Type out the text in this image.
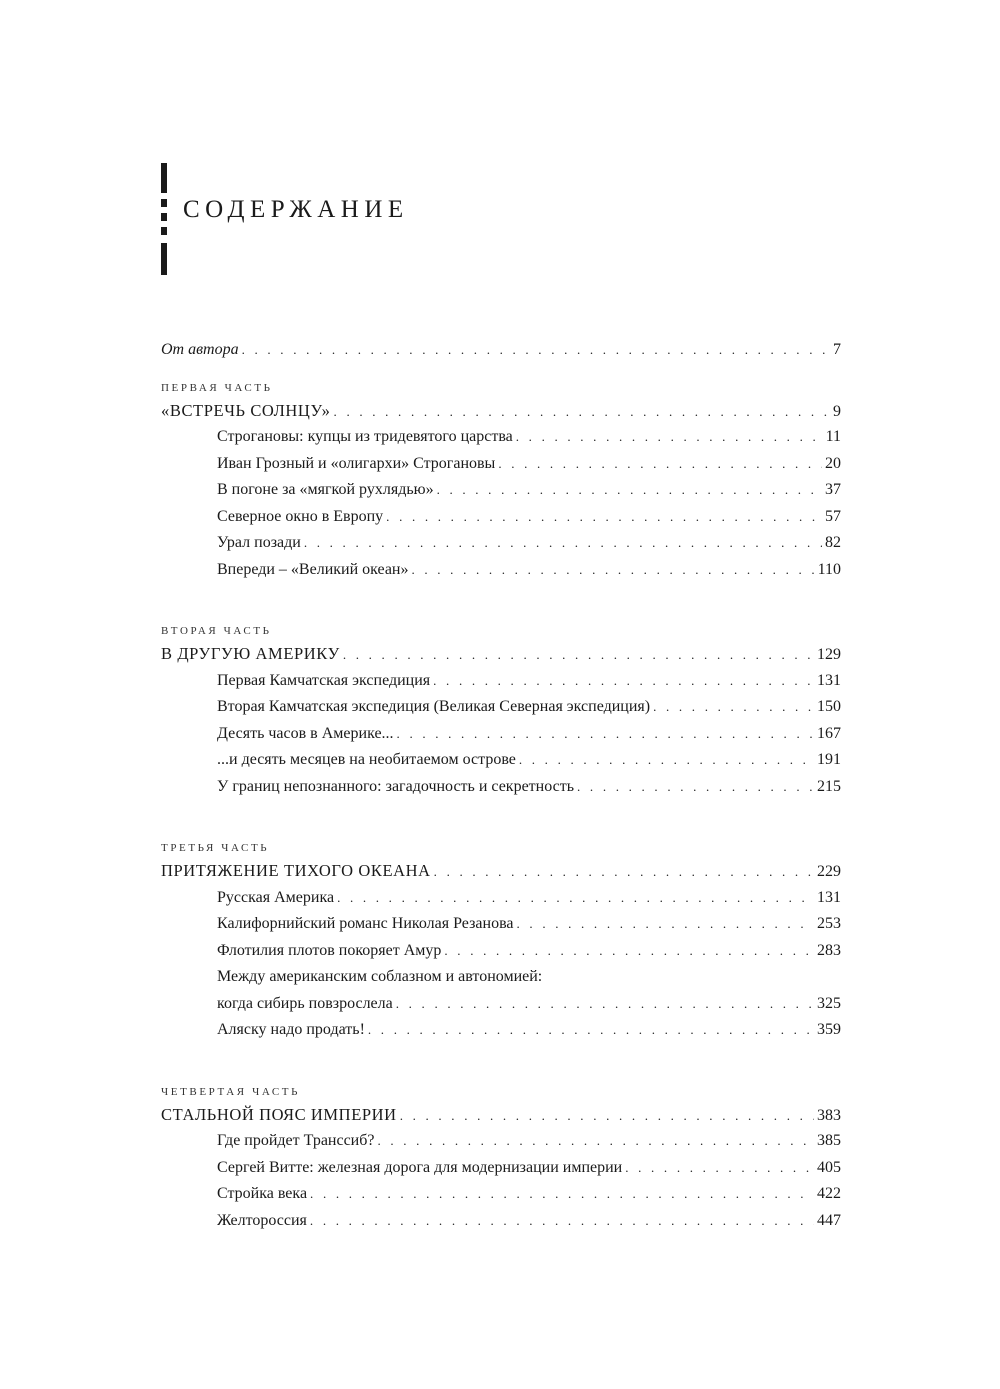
СОДЕРЖАНИЕ
От автора . . .	7
ПЕРВАЯ ЧАСТЬ
«ВСТРЕЧЬ СОЛНЦУ» . . .	9
Строгановы: купцы из тридевятого царства . . .	11
Иван Грозный и «олигархи» Строгановы . . .	20
В погоне за «мягкой рухлядью» . . .	37
Северное окно в Европу . . .	57
Урал позади . . .	82
Впереди – «Великий океан» . . .	110
ВТОРАЯ ЧАСТЬ
В ДРУГУЮ АМЕРИКУ . . .	129
Первая Камчатская экспедиция . . .	131
Вторая Камчатская экспедиция (Великая Северная экспедиция) . . .	150
Десять часов в Америке... . . .	167
...и десять месяцев на необитаемом острове . . .	191
У границ непознанного: загадочность и секретность . . .	215
ТРЕТЬЯ ЧАСТЬ
ПРИТЯЖЕНИЕ ТИХОГО ОКЕАНА . . .	229
Русская Америка . . .	131
Калифорнийский романс Николая Резанова . . .	253
Флотилия плотов покоряет Амур . . .	283
Между американским соблазном и автономией:
когда сибирь повзрослела . . .	325
Аляску надо продать! . . .	359
ЧЕТВЕРТАЯ ЧАСТЬ
СТАЛЬНОЙ ПОЯС ИМПЕРИИ . . .	383
Где пройдет Транссиб? . . .	385
Сергей Витте: железная дорога для модернизации империи . . .	405
Стройка века . . .	422
Желтороссия . . .	447
